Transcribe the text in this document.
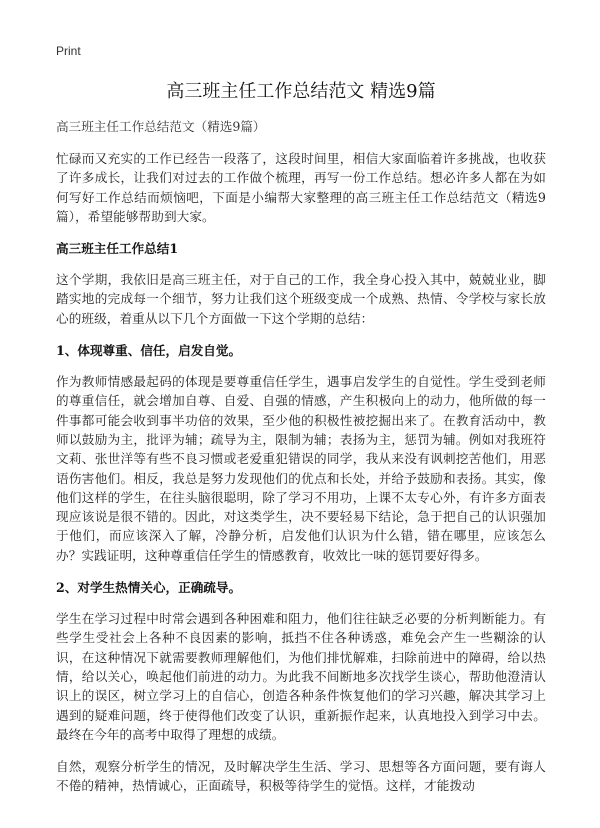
Print
高三班主任工作总结范文 精选9篇
高三班主任工作总结范文（精选9篇）

忙碌而又充实的工作已经告一段落了，这段时间里，相信大家面临着许多挑战，也收获了许多成长，让我们对过去的工作做个梳理，再写一份工作总结。想必许多人都在为如何写好工作总结而烦恼吧，下面是小编帮大家整理的高三班主任工作总结范文（精选9篇），希望能够帮助到大家。

高三班主任工作总结1

这个学期，我依旧是高三班主任，对于自己的工作，我全身心投入其中，兢兢业业，脚踏实地的完成每一个细节，努力让我们这个班级变成一个成熟、热情、令学校与家长放心的班级，着重从以下几个方面做一下这个学期的总结：

1、体现尊重、信任，启发自觉。

作为教师情感最起码的体现是要尊重信任学生，遇事启发学生的自觉性。学生受到老师的尊重信任，就会增加自尊、自爱、自强的情感，产生积极向上的动力，他所做的每一件事都可能会收到事半功倍的效果，至少他的积极性被挖掘出来了。在教育活动中，教师以鼓励为主，批评为辅；疏导为主，限制为辅；表扬为主，惩罚为辅。例如对我班符文莉、张世洋等有些不良习惯或老爱重犯错误的同学，我从来没有讽刺挖苦他们，用恶语伤害他们。相反，我总是努力发现他们的优点和长处，并给予鼓励和表扬。其实，像他们这样的学生，在往头脑很聪明，除了学习不用功，上课不太专心外，有许多方面表现应该说是很不错的。因此，对这类学生，决不要轻易下结论，急于把自己的认识强加于他们，而应该深入了解，冷静分析，启发他们认识为什么错，错在哪里，应该怎么办？实践证明，这种尊重信任学生的情感教育，收效比一味的惩罚要好得多。

2、对学生热情关心，正确疏导。

学生在学习过程中时常会遇到各种困难和阻力，他们往往缺乏必要的分析判断能力。有些学生受社会上各种不良因素的影响，抵挡不住各种诱惑，难免会产生一些糊涂的认识，在这种情况下就需要教师理解他们，为他们排忧解难，扫除前进中的障碍，给以热情，给以关心，唤起他们前进的动力。为此我不间断地多次找学生谈心，帮助他澄清认识上的误区，树立学习上的自信心，创造各种条件恢复他们的学习兴趣，解决其学习上遇到的疑难问题，终于使得他们改变了认识，重新振作起来，认真地投入到学习中去。最终在今年的高考中取得了理想的成绩。

自然，观察分析学生的情况，及时解决学生生活、学习、思想等各方面问题，要有诲人不倦的精神，热情诚心，正面疏导，积极等待学生的觉悟。这样，才能拨动
